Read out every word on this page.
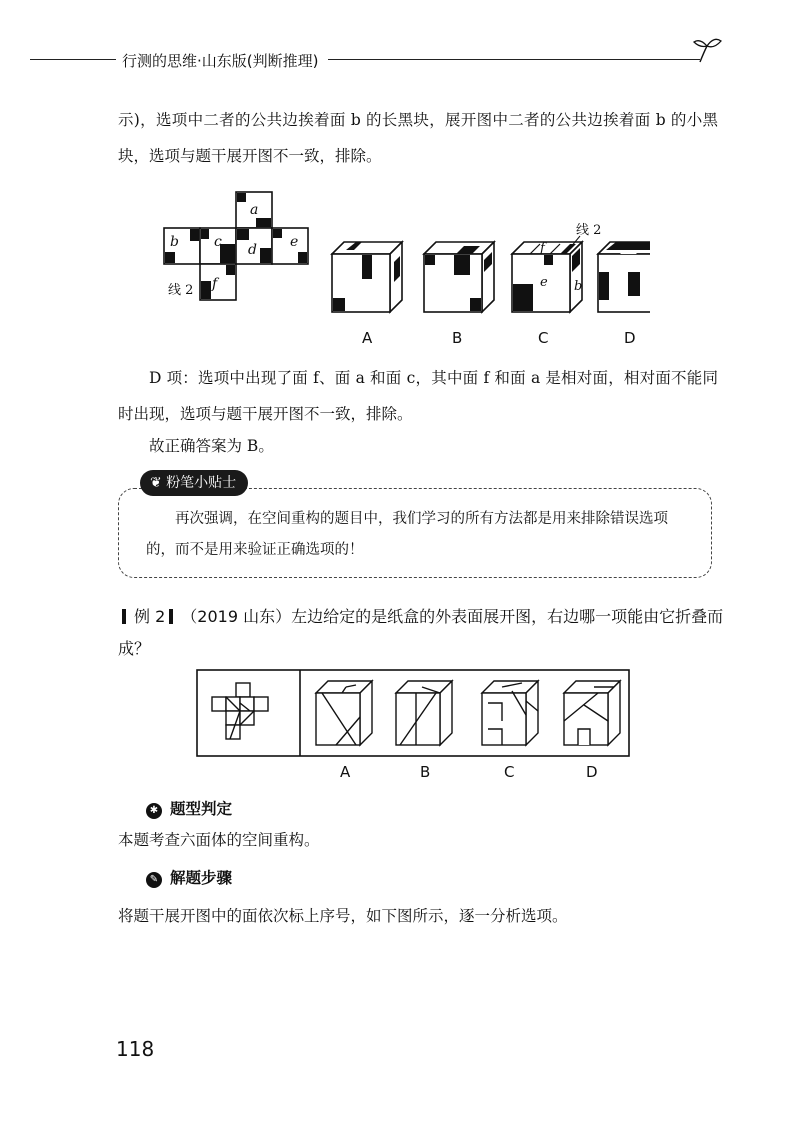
行测的思维·山东版(判断推理)
示)，选项中二者的公共边挨着面 b 的长黑块，展开图中二者的公共边挨着面 b 的小黑块，选项与题干展开图不一致，排除。
a
b	c d e
f
线 2
f
e b
线 2
A	B	C	D
D 项：选项中出现了面 f、面 a 和面 c，其中面 f 和面 a 是相对面，相对面不能同时出现，选项与题干展开图不一致，排除。
故正确答案为 B。
❦ 粉笔小贴士
再次强调，在空间重构的题目中，我们学习的所有方法都是用来排除错误选项的，而不是用来验证正确选项的！
例 2 （2019 山东）左边给定的是纸盒的外表面展开图，右边哪一项能由它折叠而成？
A	B	C	D
✱ 题型判定
本题考查六面体的空间重构。
✎ 解题步骤
将题干展开图中的面依次标上序号，如下图所示，逐一分析选项。
118
